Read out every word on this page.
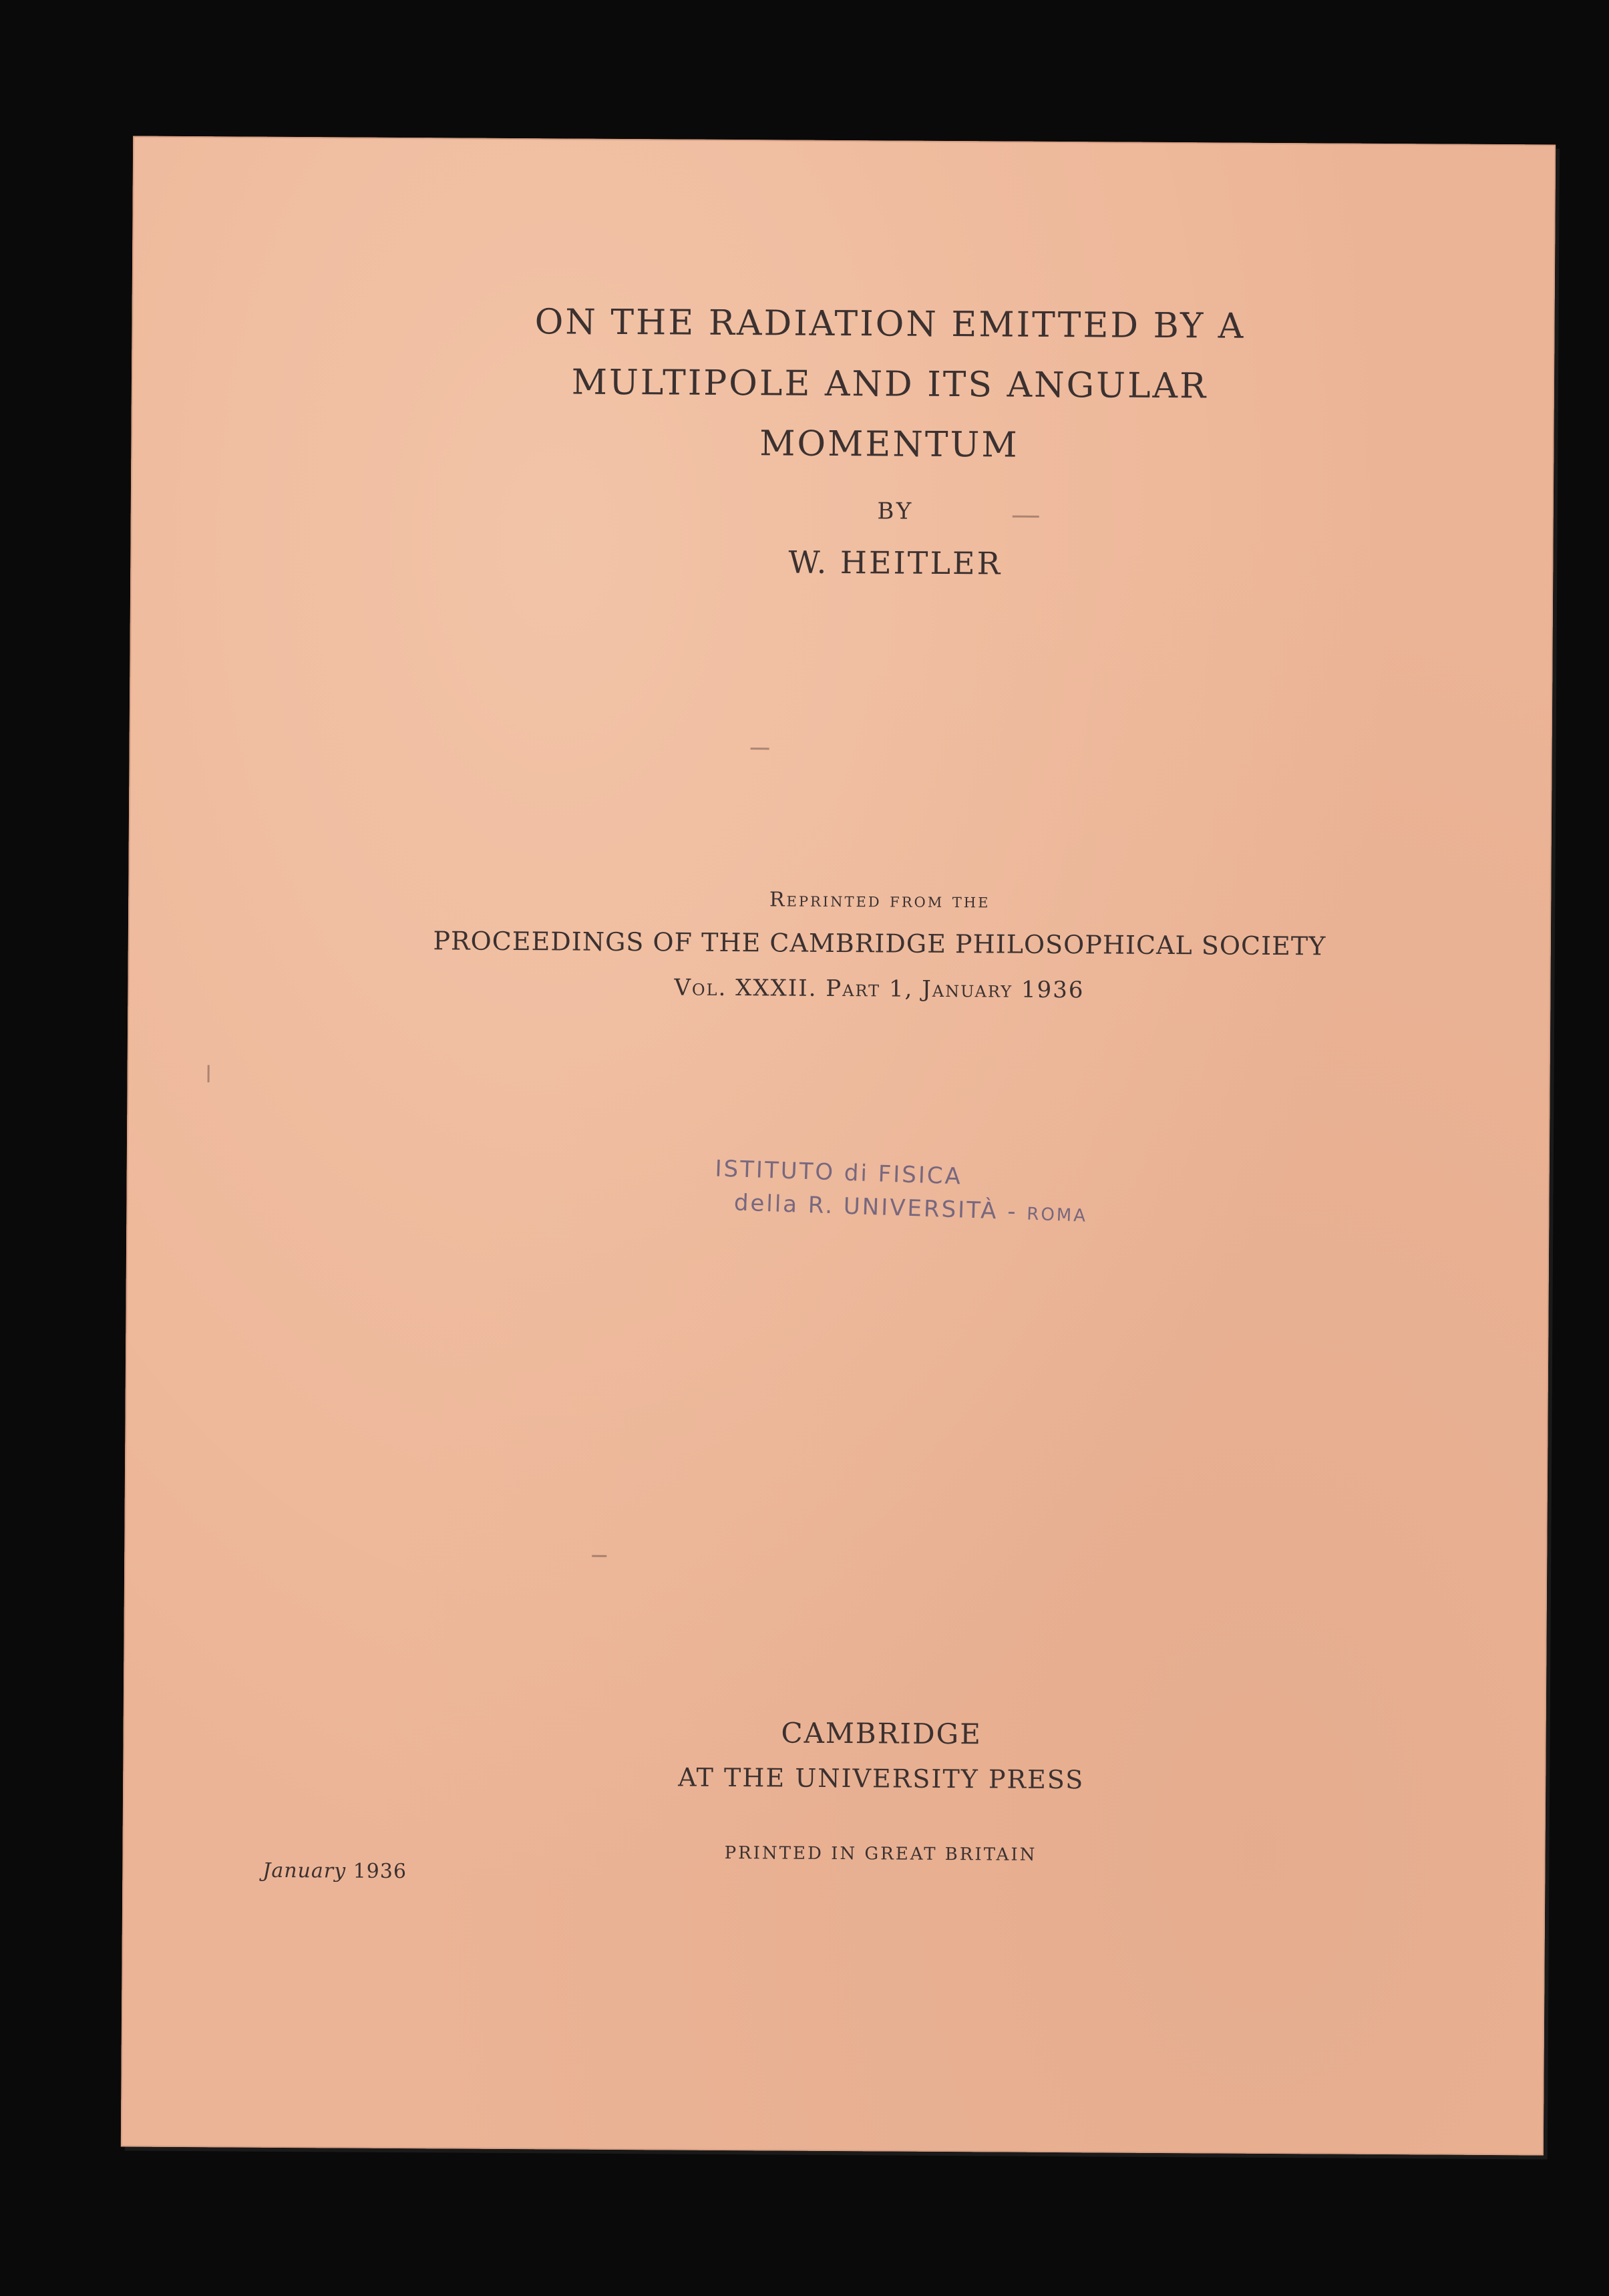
ON THE RADIATION EMITTED BY A
MULTIPOLE AND ITS ANGULAR
MOMENTUM
BY
W. HEITLER
Reprinted from the
PROCEEDINGS OF THE CAMBRIDGE PHILOSOPHICAL SOCIETY
Vol. XXXII. Part 1, January 1936
ISTITUTO di FISICA
della R. UNIVERSITÀ - ROMA
CAMBRIDGE
AT THE UNIVERSITY PRESS
PRINTED IN GREAT BRITAIN
January 1936
